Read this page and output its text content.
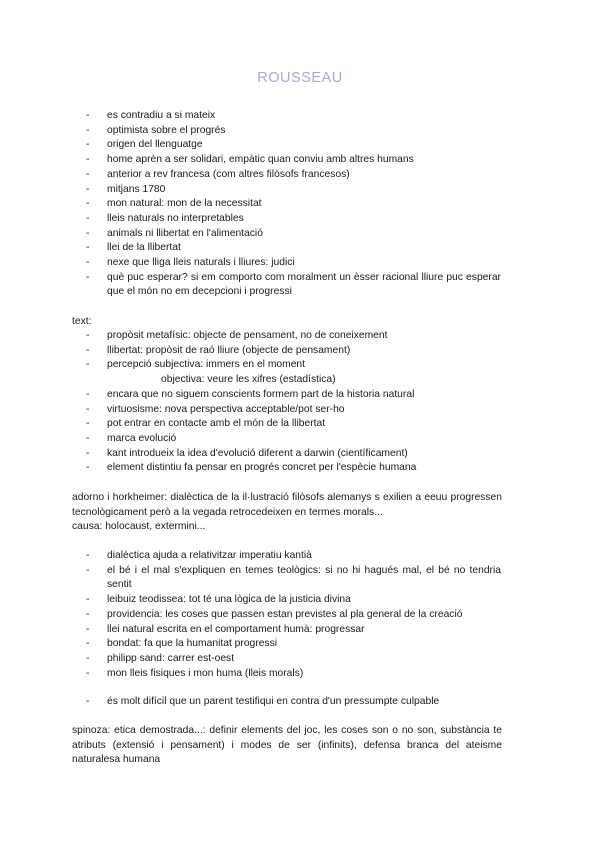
ROUSSEAU
- es contradiu a si mateix
- optimista sobre el progrés
- origen del llenguatge
- home aprèn a ser solidari, empàtic quan conviu amb altres humans
- anterior a rev francesa (com altres filòsofs francesos)
- mitjans 1780
- mon natural: mon de la necessitat
- lleis naturals no interpretables
- animals ni llibertat en l'alimentació
- llei de la llibertat
- nexe que lliga lleis naturals i lliures: judici
- què puc esperar? si em comporto com moralment un èsser racional lliure puc esperar que el món no em decepcioni i progressi

text:

- propòsit metafísic: objecte de pensament, no de coneixement
- llibertat: propòsit de raó lliure (objecte de pensament)
- percepció subjectiva: immers en el moment
objectiva: veure les xifres (estadística)
- encara que no siguem conscients formem part de la historia natural
- virtuosisme: nova perspectiva acceptable/pot ser-ho
- pot entrar en contacte amb el món de la llibertat
- marca evolució
- kant introdueix la idea d'evolució diferent a darwin (científicament)
- element distintiu fa pensar en progrés concret per l'espècie humana

adorno i horkheimer: dialèctica de la il·lustració filòsofs alemanys s exilien a eeuu progressen tecnològicament però a la vegada retrocedeixen en termes morals...

causa: holocaust, extermini...

- dialèctica ajuda a relativitzar imperatiu kantià
- el bé i el mal s'expliquen en temes teològics: si no hi hagués mal, el bé no tendria sentit
- leibuiz teodissea: tot té una lògica de la justicia divina
- providencia: les coses que passen estan previstes al pla general de la creació
- llei natural escrita en el comportament humà: progressar
- bondat: fa que la humanitat progressi
- philipp sand: carrer est-oest
- mon lleis fisiques i mon huma (lleis morals)
- és molt difícil que un parent testifiqui en contra d'un pressumpte culpable

spinoza: etica demostrada...: definir elements del joc, les coses son o no son, substància te atributs (extensió i pensament) i modes de ser (infinits), defensa branca del ateisme naturalesa humana
